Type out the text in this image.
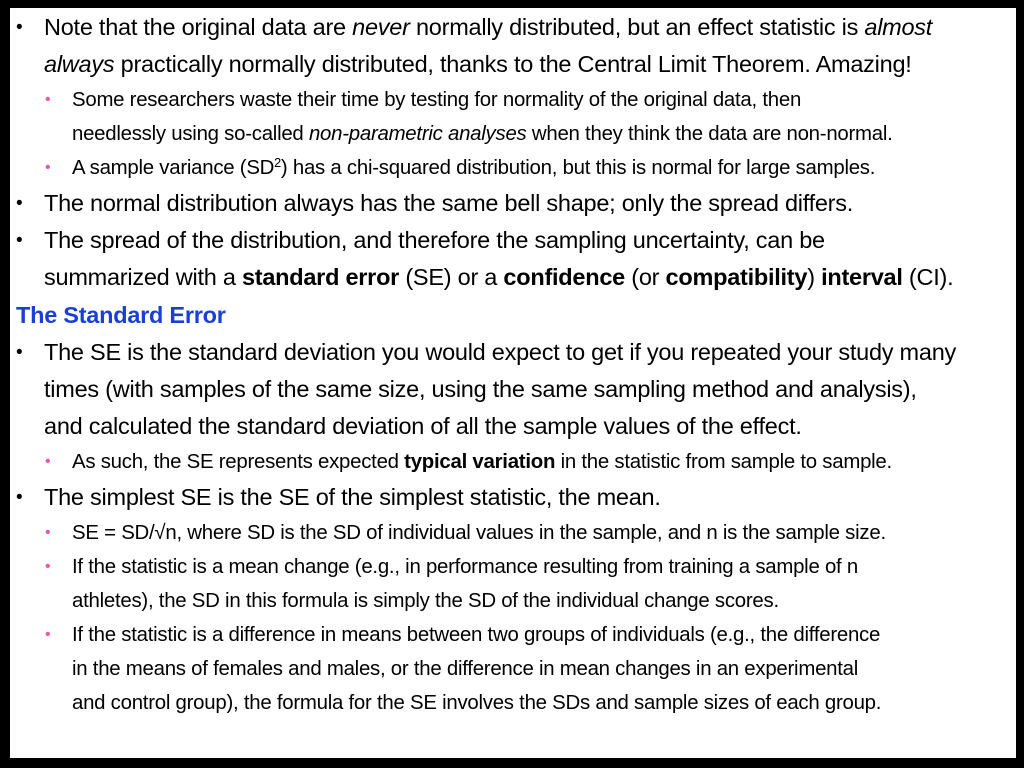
• Note that the original data are never normally distributed, but an effect statistic is almost
always practically normally distributed, thanks to the Central Limit Theorem. Amazing!
• Some researchers waste their time by testing for normality of the original data, then
needlessly using so-called non-parametric analyses when they think the data are non-normal.
• A sample variance $(SD^2)$ has a chi-squared distribution, but this is normal for large samples.
• The normal distribution always has the same bell shape; only the spread differs.
• The spread of the distribution, and therefore the sampling uncertainty, can be
summarized with a standard error (SE) or a confidence (or compatibility) interval (CI).
The Standard Error
• The SE is the standard deviation you would expect to get if you repeated your study many
times (with samples of the same size, using the same sampling method and analysis),
and calculated the standard deviation of all the sample values of the effect.
• As such, the SE represents expected typical variation in the statistic from sample to sample.
• The simplest SE is the SE of the simplest statistic, the mean.
• SE = SD/√n, where SD is the SD of individual values in the sample, and n is the sample size.
• If the statistic is a mean change (e.g., in performance resulting from training a sample of n
athletes), the SD in this formula is simply the SD of the individual change scores.
• If the statistic is a difference in means between two groups of individuals (e.g., the difference
in the means of females and males, or the difference in mean changes in an experimental
and control group), the formula for the SE involves the SDs and sample sizes of each group.
